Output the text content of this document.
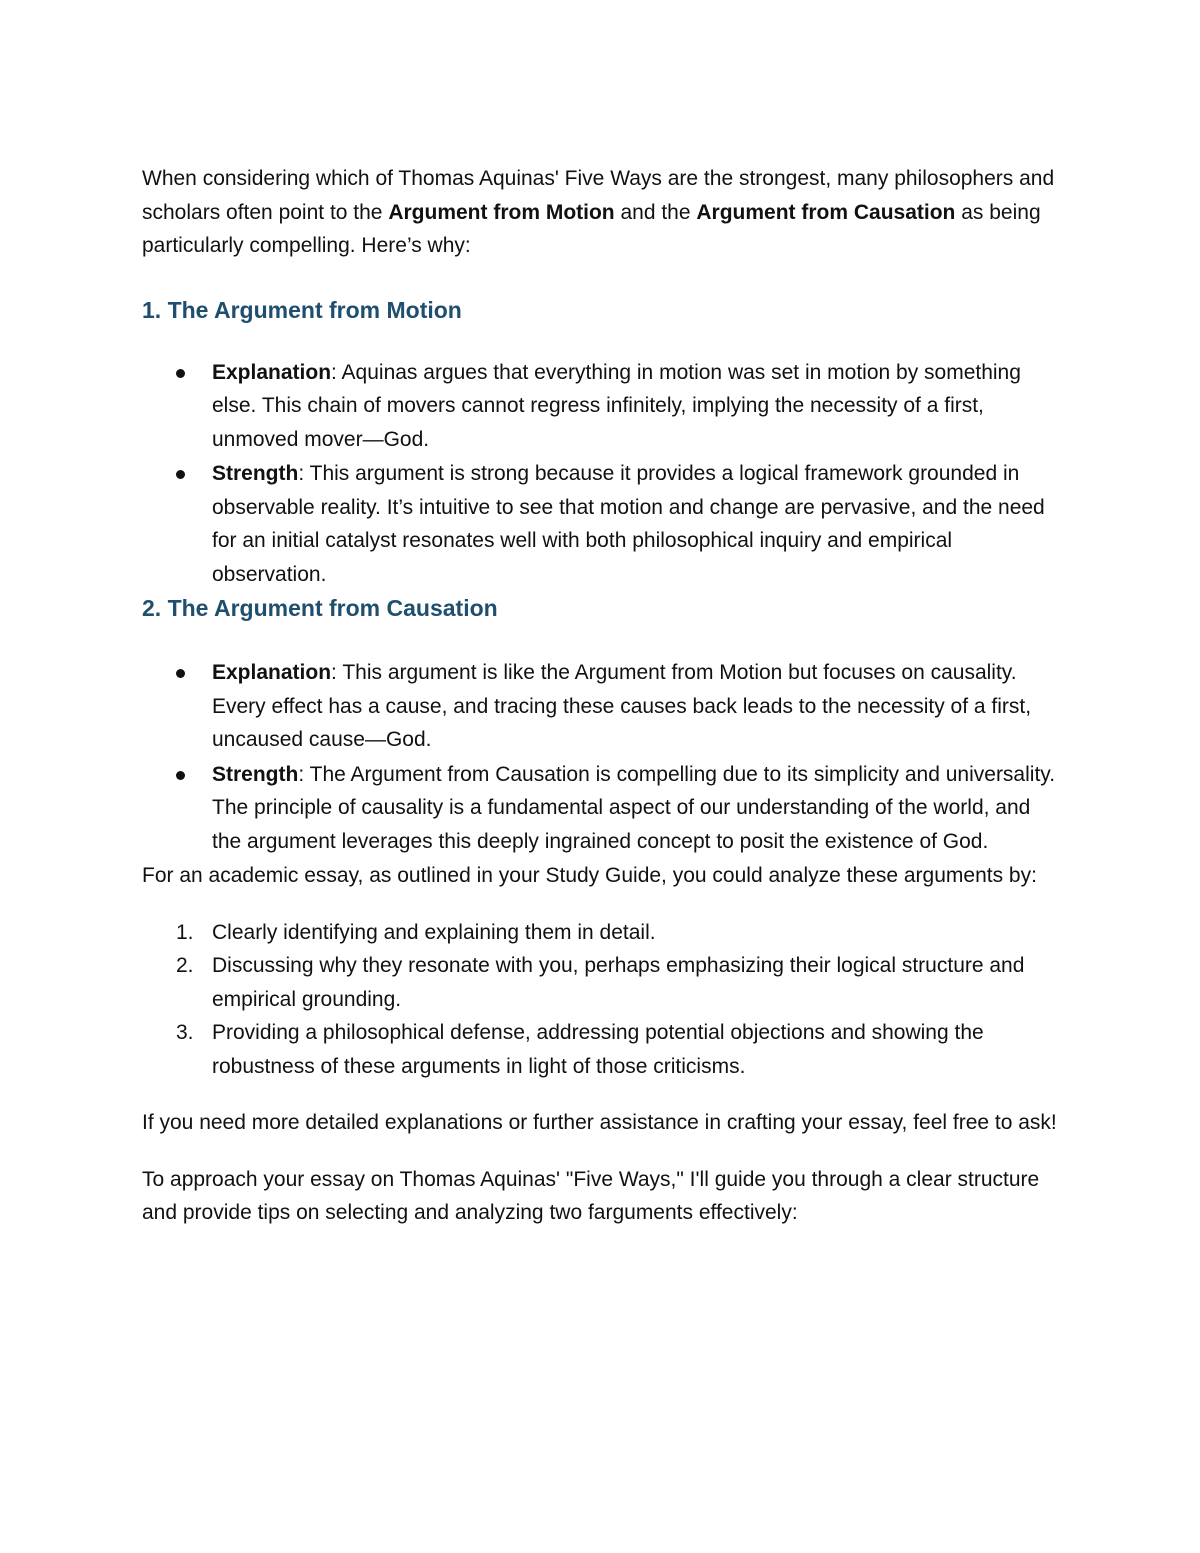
When considering which of Thomas Aquinas' Five Ways are the strongest, many philosophers and scholars often point to the Argument from Motion and the Argument from Causation as being particularly compelling. Here’s why:

1. The Argument from Motion
Explanation: Aquinas argues that everything in motion was set in motion by something else. This chain of movers cannot regress infinitely, implying the necessity of a first, unmoved mover—God.
Strength: This argument is strong because it provides a logical framework grounded in observable reality. It’s intuitive to see that motion and change are pervasive, and the need for an initial catalyst resonates well with both philosophical inquiry and empirical observation.
2. The Argument from Causation
Explanation: This argument is like the Argument from Motion but focuses on causality. Every effect has a cause, and tracing these causes back leads to the necessity of a first, uncaused cause—God.
Strength: The Argument from Causation is compelling due to its simplicity and universality. The principle of causality is a fundamental aspect of our understanding of the world, and the argument leverages this deeply ingrained concept to posit the existence of God.

For an academic essay, as outlined in your Study Guide, you could analyze these arguments by:

1. Clearly identifying and explaining them in detail.
2. Discussing why they resonate with you, perhaps emphasizing their logical structure and empirical grounding.
3. Providing a philosophical defense, addressing potential objections and showing the robustness of these arguments in light of those criticisms.

If you need more detailed explanations or further assistance in crafting your essay, feel free to ask!

To approach your essay on Thomas Aquinas' "Five Ways," I'll guide you through a clear structure and provide tips on selecting and analyzing two farguments effectively:
